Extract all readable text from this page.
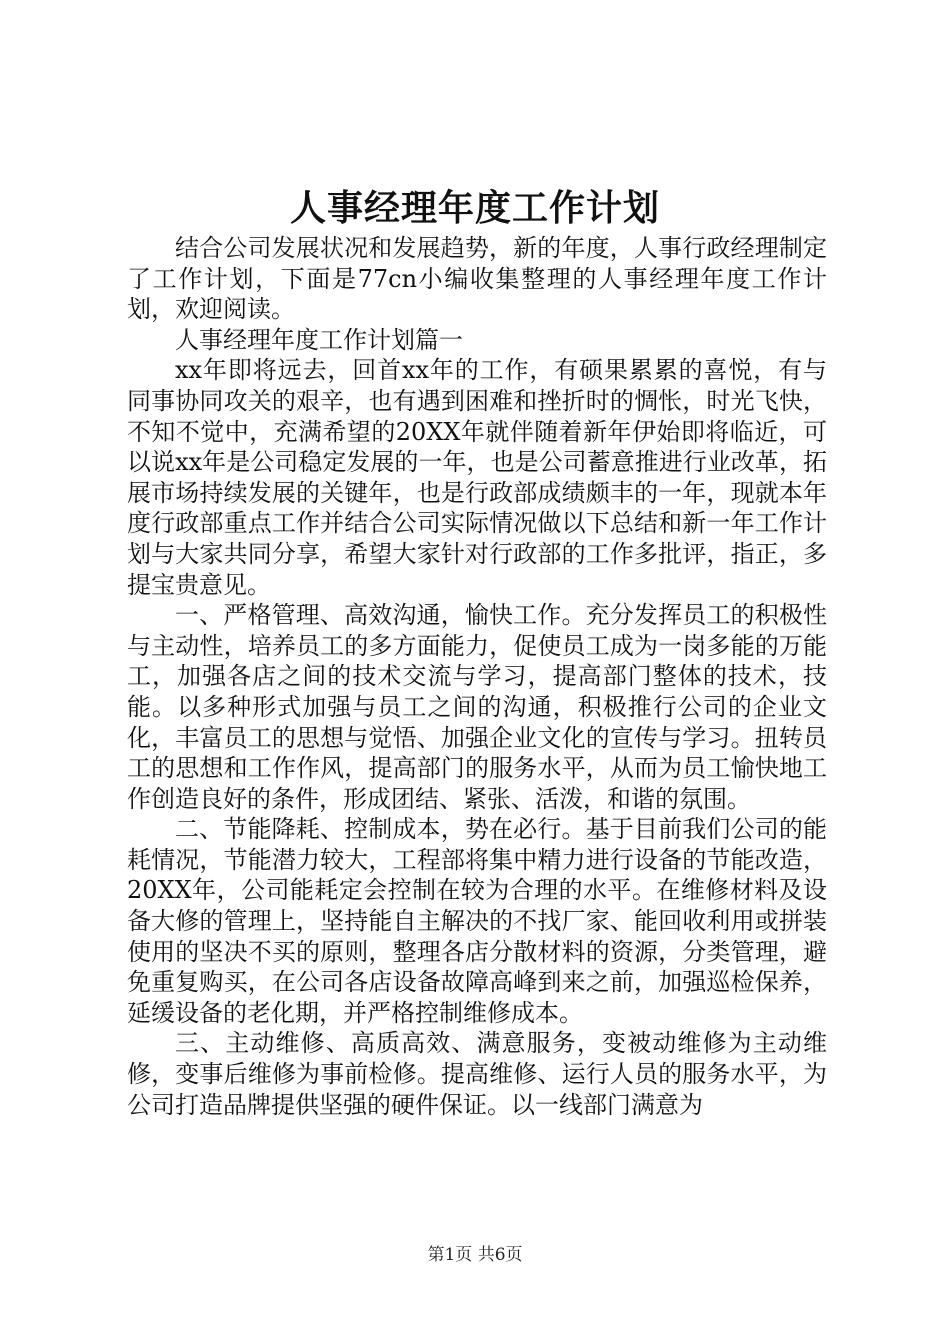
人事经理年度工作计划

结合公司发展状况和发展趋势，新的年度，人事行政经理制定了工作计划，下面是77cn小编收集整理的人事经理年度工作计划，欢迎阅读。

人事经理年度工作计划篇一

xx年即将远去，回首xx年的工作，有硕果累累的喜悦，有与同事协同攻关的艰辛，也有遇到困难和挫折时的惆怅，时光飞快，不知不觉中，充满希望的20XX年就伴随着新年伊始即将临近，可以说xx年是公司稳定发展的一年，也是公司蓄意推进行业改革，拓展市场持续发展的关键年，也是行政部成绩颇丰的一年，现就本年度行政部重点工作并结合公司实际情况做以下总结和新一年工作计划与大家共同分享，希望大家针对行政部的工作多批评，指正，多提宝贵意见。

一、严格管理、高效沟通，愉快工作。充分发挥员工的积极性与主动性，培养员工的多方面能力，促使员工成为一岗多能的万能工，加强各店之间的技术交流与学习，提高部门整体的技术，技能。以多种形式加强与员工之间的沟通，积极推行公司的企业文化，丰富员工的思想与觉悟、加强企业文化的宣传与学习。扭转员工的思想和工作作风，提高部门的服务水平，从而为员工愉快地工作创造良好的条件，形成团结、紧张、活泼，和谐的氛围。

二、节能降耗、控制成本，势在必行。基于目前我们公司的能耗情况，节能潜力较大，工程部将集中精力进行设备的节能改造，20XX年，公司能耗定会控制在较为合理的水平。在维修材料及设备大修的管理上，坚持能自主解决的不找厂家、能回收利用或拼装使用的坚决不买的原则，整理各店分散材料的资源，分类管理，避免重复购买，在公司各店设备故障高峰到来之前，加强巡检保养，延缓设备的老化期，并严格控制维修成本。

三、主动维修、高质高效、满意服务，变被动维修为主动维修，变事后维修为事前检修。提高维修、运行人员的服务水平，为公司打造品牌提供坚强的硬件保证。以一线部门满意为

第1页 共6页
